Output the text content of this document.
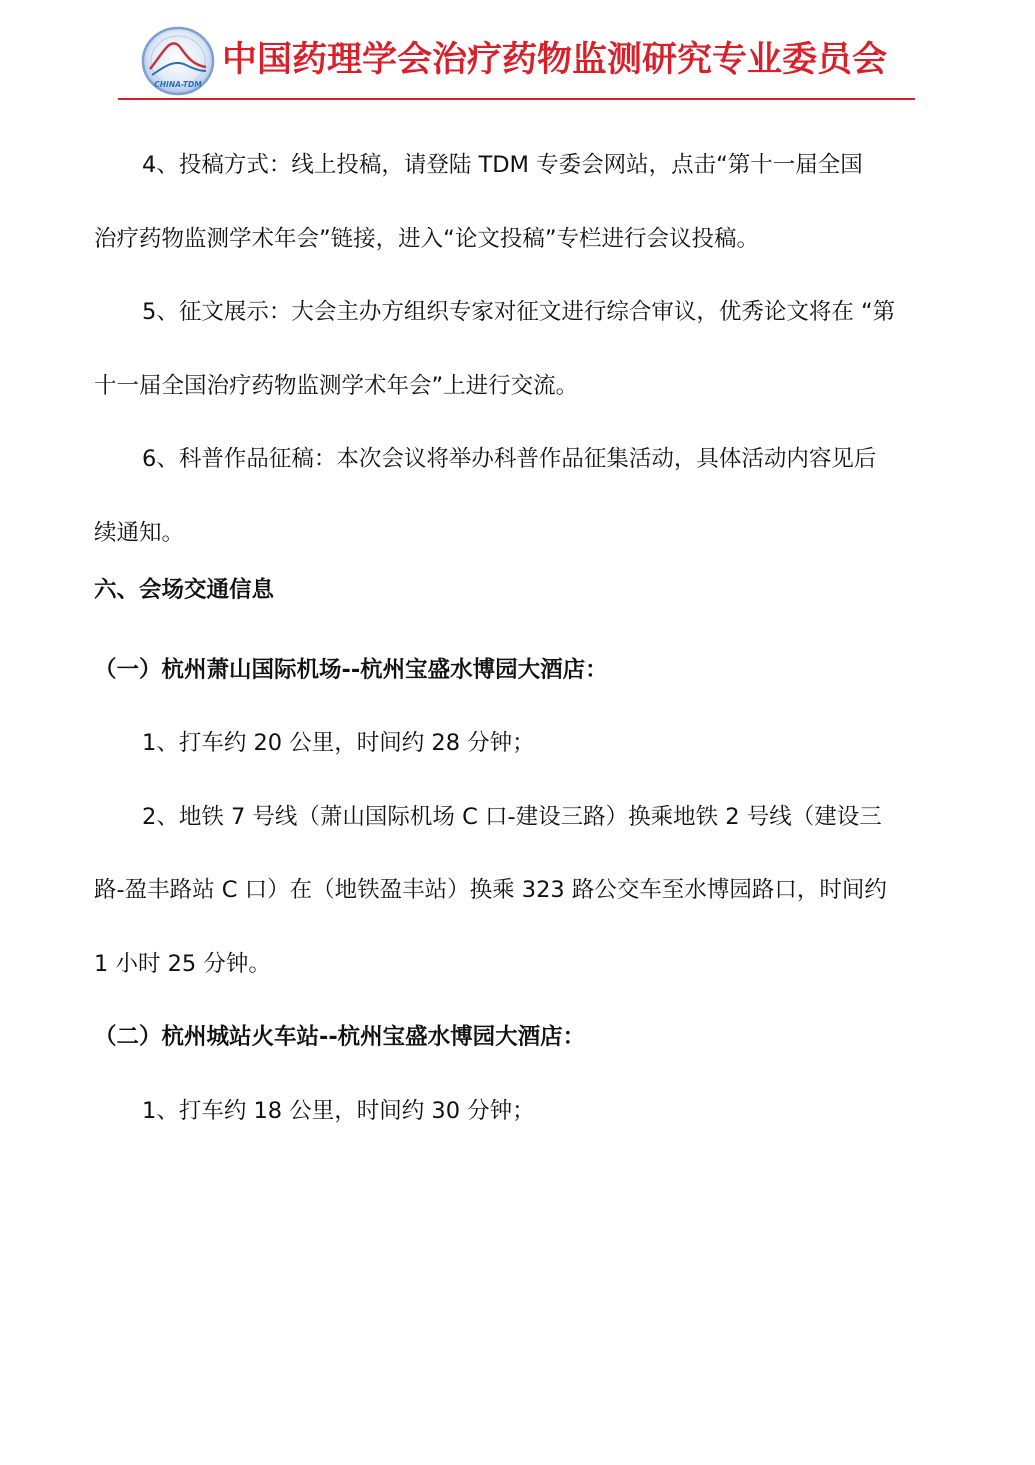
CHINA-TDM
中国药理学会治疗药物监测研究专业委员会
4、投稿方式：线上投稿，请登陆 TDM 专委会网站，点击“第十一届全国
治疗药物监测学术年会”链接，进入“论文投稿”专栏进行会议投稿。
5、征文展示：大会主办方组织专家对征文进行综合审议，优秀论文将在 “第
十一届全国治疗药物监测学术年会”上进行交流。
6、科普作品征稿：本次会议将举办科普作品征集活动，具体活动内容见后
续通知。
六、会场交通信息
（一）杭州萧山国际机场--杭州宝盛水博园大酒店：
1、打车约 20 公里，时间约 28 分钟；
2、地铁 7 号线（萧山国际机场 C 口-建设三路）换乘地铁 2 号线（建设三
路-盈丰路站 C 口）在（地铁盈丰站）换乘 323 路公交车至水博园路口，时间约
1 小时 25 分钟。
（二）杭州城站火车站--杭州宝盛水博园大酒店：
1、打车约 18 公里，时间约 30 分钟；
